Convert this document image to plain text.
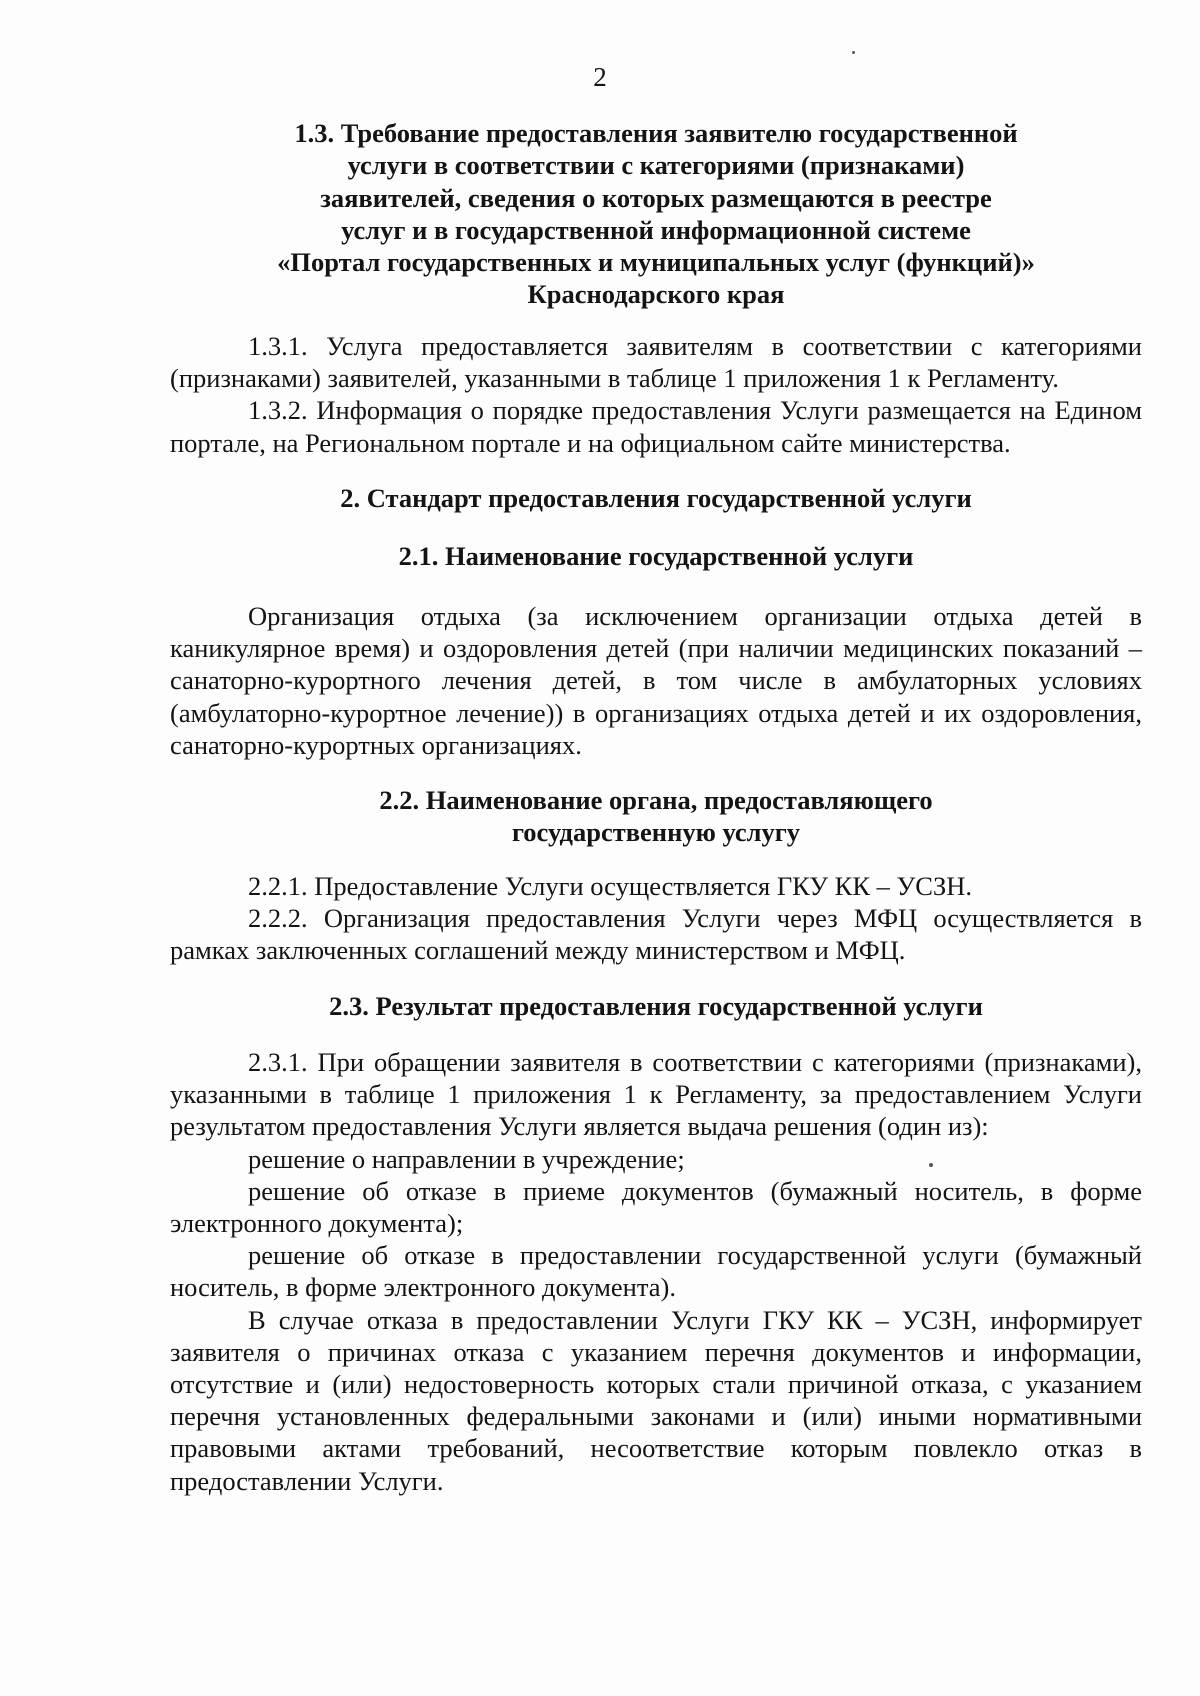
2
1.3. Требование предоставления заявителю государственной
услуги в соответствии с категориями (признаками)
заявителей, сведения о которых размещаются в реестре
услуг и в государственной информационной системе
«Портал государственных и муниципальных услуг (функций)»
Краснодарского края

1.3.1. Услуга предоставляется заявителям в соответствии с категориями (признаками) заявителей, указанными в таблице 1 приложения 1 к Регламенту.

1.3.2. Информация о порядке предоставления Услуги размещается на Едином портале, на Региональном портале и на официальном сайте министерства.

2. Стандарт предоставления государственной услуги
2.1. Наименование государственной услуги

Организация отдыха (за исключением организации отдыха детей в каникулярное время) и оздоровления детей (при наличии медицинских показаний – санаторно-курортного лечения детей, в том числе в амбулаторных условиях (амбулаторно-курортное лечение)) в организациях отдыха детей и их оздоровления, санаторно-курортных организациях.

2.2. Наименование органа, предоставляющего
государственную услугу

2.2.1. Предоставление Услуги осуществляется ГКУ КК – УСЗН.

2.2.2. Организация предоставления Услуги через МФЦ осуществляется в рамках заключенных соглашений между министерством и МФЦ.

2.3. Результат предоставления государственной услуги

2.3.1. При обращении заявителя в соответствии с категориями (признаками), указанными в таблице 1 приложения 1 к Регламенту, за предоставлением Услуги результатом предоставления Услуги является выдача решения (один из):

решение о направлении в учреждение;

решение об отказе в приеме документов (бумажный носитель, в форме электронного документа);

решение об отказе в предоставлении государственной услуги (бумажный носитель, в форме электронного документа).

В случае отказа в предоставлении Услуги ГКУ КК – УСЗН, информирует заявителя о причинах отказа с указанием перечня документов и информации, отсутствие и (или) недостоверность которых стали причиной отказа, с указанием перечня установленных федеральными законами и (или) иными нормативными правовыми актами требований, несоответствие которым повлекло отказ в предоставлении Услуги.
